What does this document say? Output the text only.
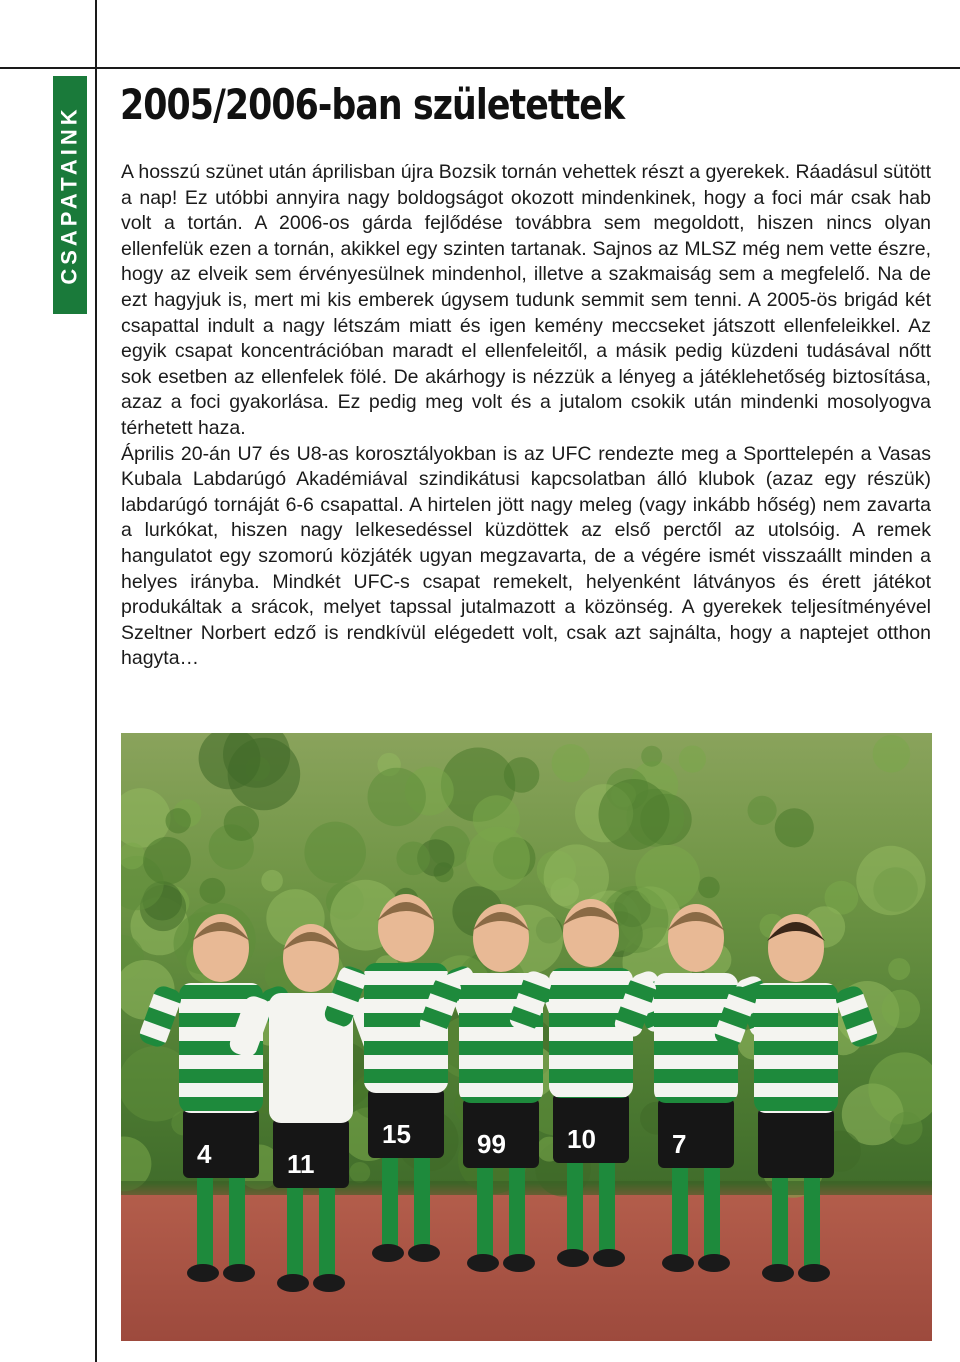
CSAPATAINK
2005/2006-ban születettek

A hosszú szünet után áprilisban újra Bozsik tornán vehettek részt a gyerekek. Ráadásul sütött a nap! Ez utóbbi annyira nagy boldogságot okozott mindenkinek, hogy a foci már csak hab volt a tortán. A 2006-os gárda fejlődése továbbra sem megoldott, hiszen nincs olyan ellenfelük ezen a tornán, akikkel egy szinten tartanak. Sajnos az MLSZ még nem vette észre, hogy az elveik sem érvényesülnek mindenhol, illetve a szakmaiság sem a megfelelő. Na de ezt hagyjuk is, mert mi kis emberek úgysem tudunk semmit sem tenni. A 2005-ös brigád két csapattal indult a nagy létszám miatt és igen kemény meccseket játszott ellenfeleikkel. Az egyik csapat koncentrációban maradt el ellenfeleitől, a másik pedig küzdeni tudásával nőtt sok esetben az ellenfelek fölé. De akárhogy is nézzük a lényeg a játéklehetőség biztosítása, azaz a foci gyakorlása. Ez pedig meg volt és a jutalom csokik után mindenki mosolyogva térhetett haza.

Április 20-án U7 és U8-as korosztályokban is az UFC rendezte meg a Sporttelepén a Vasas Kubala Labdarúgó Akadémiával szindikátusi kapcsolatban álló klubok (azaz egy részük) labdarúgó tornáját 6-6 csapattal. A hirtelen jött nagy meleg (vagy inkább hőség) nem zavarta a lurkókat, hiszen nagy lelkesedéssel küzdöttek az első perctől az utolsóig. A remek hangulatot egy szomorú közjáték ugyan megzavarta, de a végére ismét visszaállt minden a helyes irányba. Mindkét UFC-s csapat remekelt, helyenként látványos és érett játékot produkáltak a srácok, melyet tapssal jutalmazott a közönség. A gyerekek teljesítményével Szeltner Norbert edző is rendkívül elégedett volt, csak azt sajnálta, hogy a naptejet otthon hagyta…

4	11
15	99 10	7
